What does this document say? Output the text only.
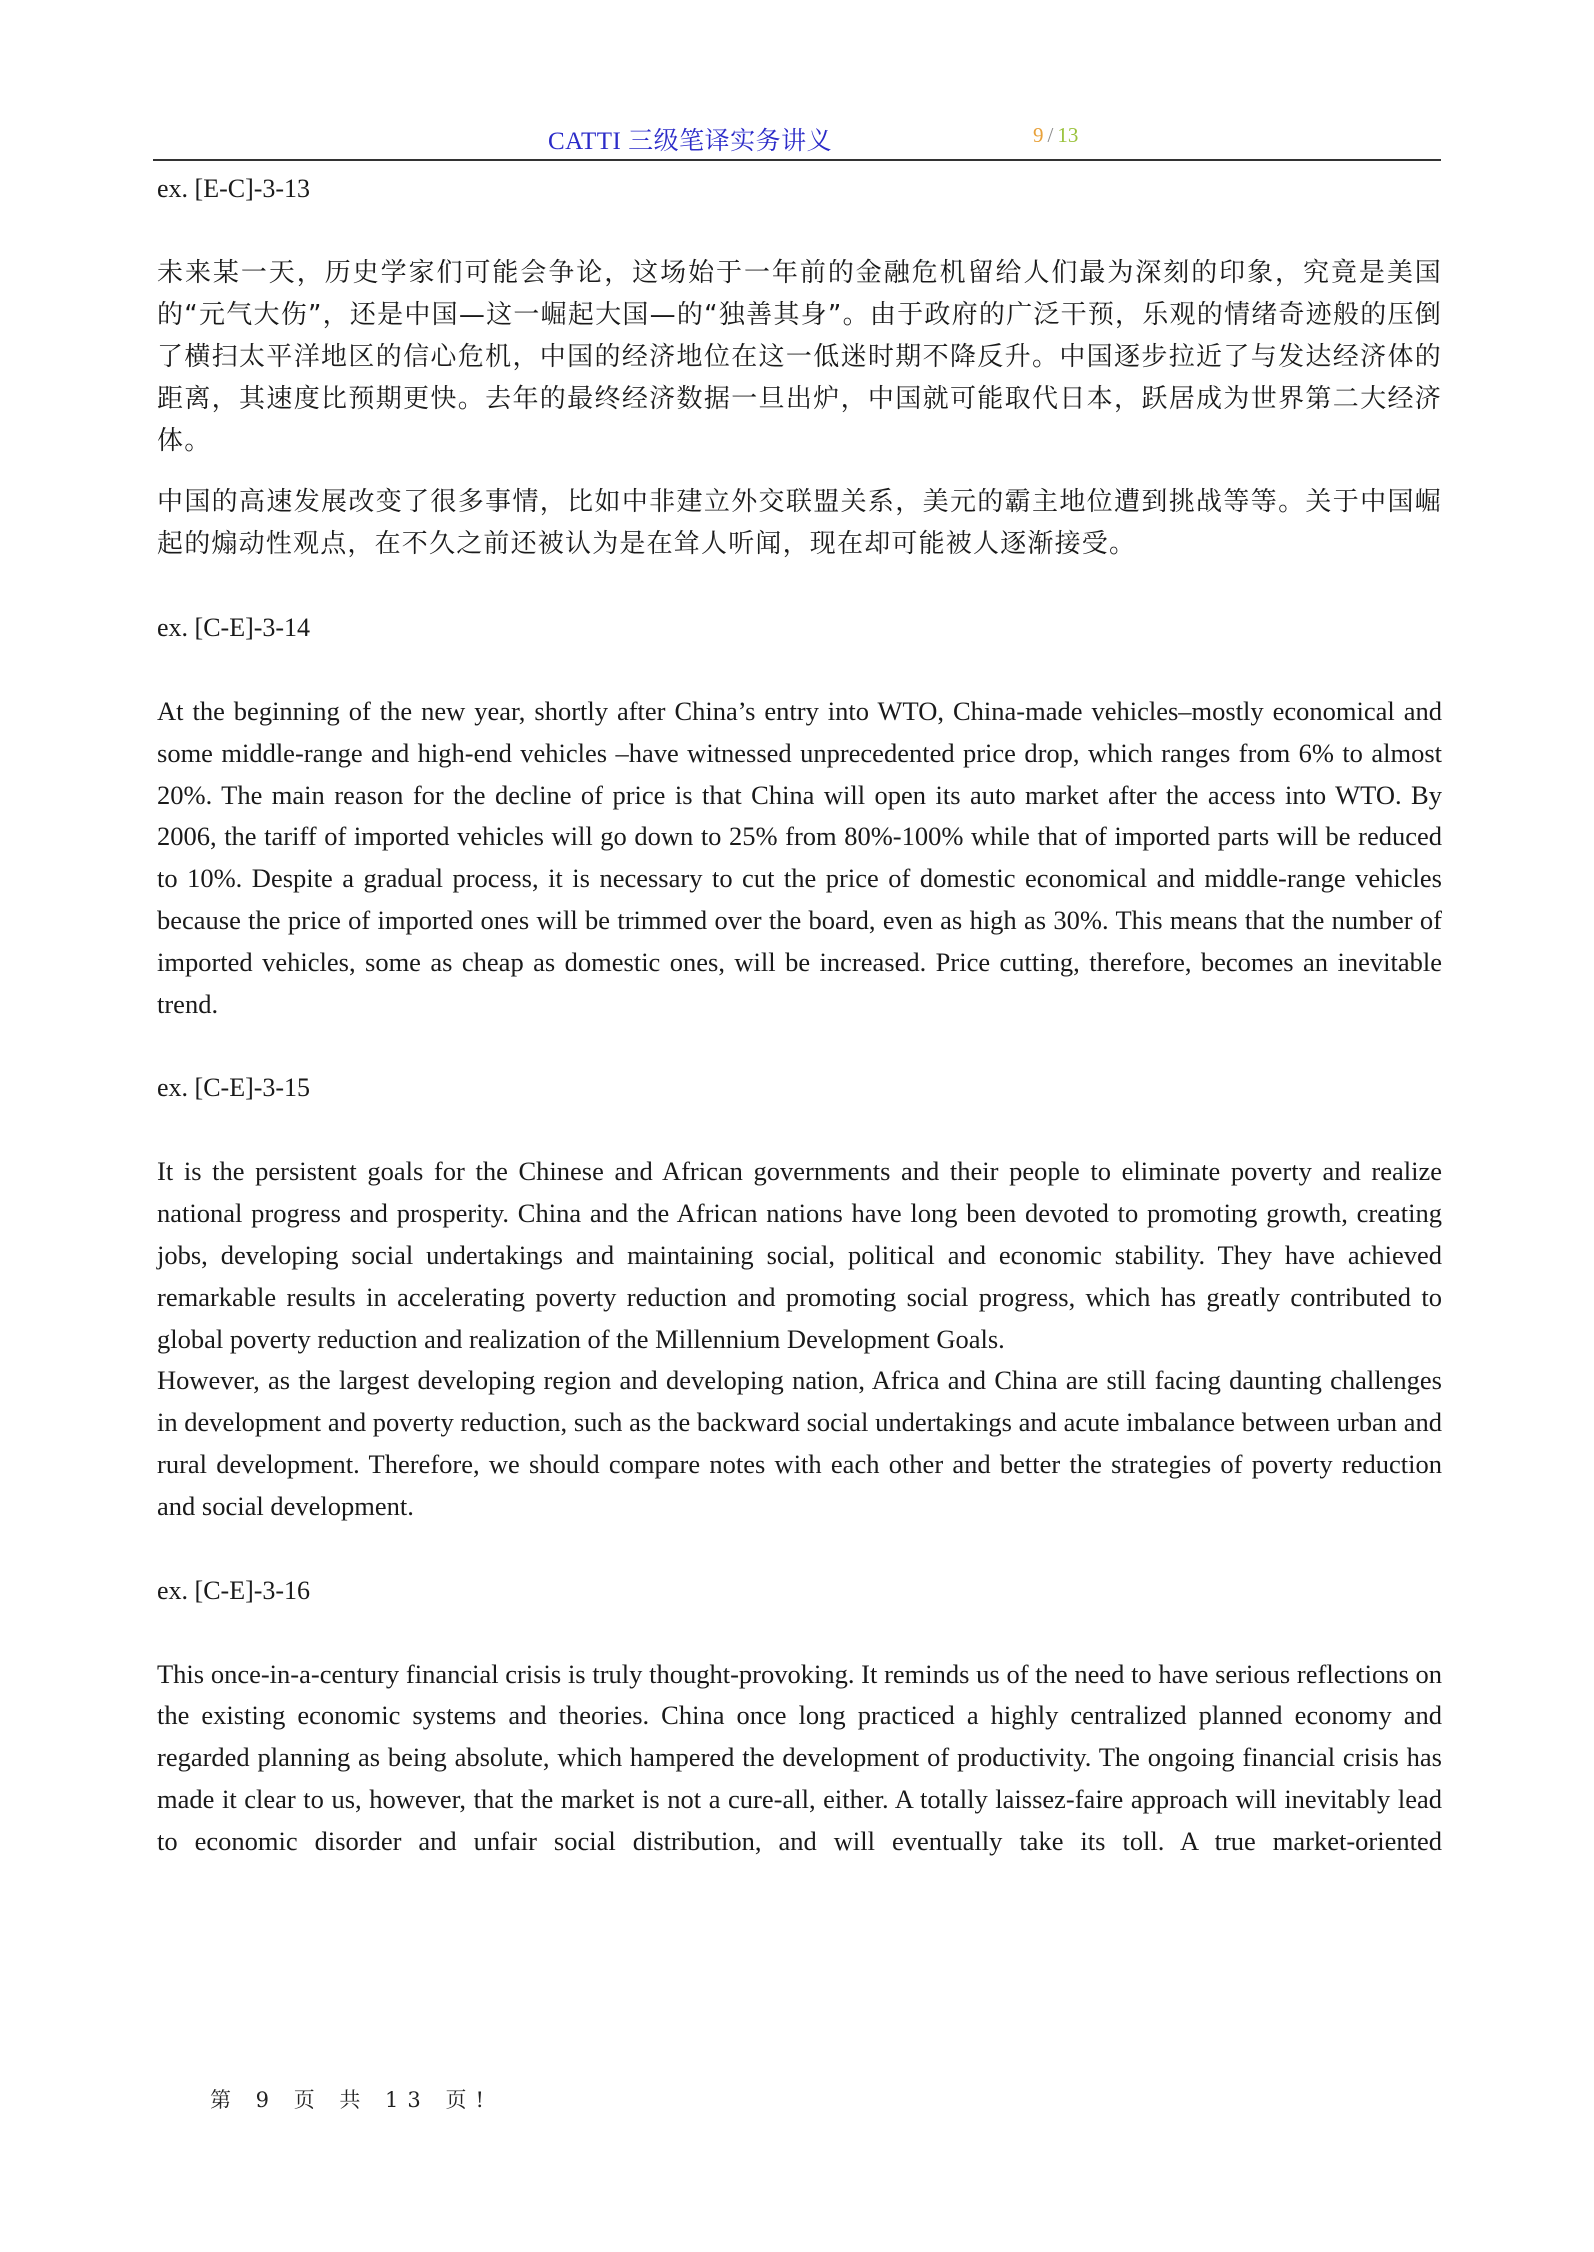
CATTI 三级笔译实务讲义	9 / 13
ex. [E-C]-3-13

未来某一天，历史学家们可能会争论，这场始于一年前的金融危机留给人们最为深刻的印象，究竟是美国的“元气大伤”，还是中国—这一崛起大国—的“独善其身”。由于政府的广泛干预，乐观的情绪奇迹般的压倒了横扫太平洋地区的信心危机，中国的经济地位在这一低迷时期不降反升。中国逐步拉近了与发达经济体的距离，其速度比预期更快。去年的最终经济数据一旦出炉，中国就可能取代日本，跃居成为世界第二大经济体。

中国的高速发展改变了很多事情，比如中非建立外交联盟关系，美元的霸主地位遭到挑战等等。关于中国崛起的煽动性观点，在不久之前还被认为是在耸人听闻，现在却可能被人逐渐接受。

ex. [C-E]-3-14

At the beginning of the new year, shortly after China’s entry into WTO, China-made vehicles–mostly economical and some middle-range and high-end vehicles –have witnessed unprecedented price drop, which ranges from 6% to almost 20%. The main reason for the decline of price is that China will open its auto market after the access into WTO. By 2006, the tariff of imported vehicles will go down to 25% from 80%-100% while that of imported parts will be reduced to 10%. Despite a gradual process, it is necessary to cut the price of domestic economical and middle-range vehicles because the price of imported ones will be trimmed over the board, even as high as 30%. This means that the number of imported vehicles, some as cheap as domestic ones, will be increased. Price cutting, therefore, becomes an inevitable trend.

ex. [C-E]-3-15

It is the persistent goals for the Chinese and African governments and their people to eliminate poverty and realize national progress and prosperity. China and the African nations have long been devoted to promoting growth, creating jobs, developing social undertakings and maintaining social, political and economic stability. They have achieved remarkable results in accelerating poverty reduction and promoting social progress, which has greatly contributed to global poverty reduction and realization of the Millennium Development Goals.

However, as the largest developing region and developing nation, Africa and China are still facing daunting challenges in development and poverty reduction, such as the backward social undertakings and acute imbalance between urban and rural development. Therefore, we should compare notes with each other and better the strategies of poverty reduction and social development.

ex. [C-E]-3-16

This once-in-a-century financial crisis is truly thought-provoking. It reminds us of the need to have serious reflections on the existing economic systems and theories. China once long practiced a highly centralized planned economy and regarded planning as being absolute, which hampered the development of productivity. The ongoing financial crisis has made it clear to us, however, that the market is not a cure-all, either. A totally laissez-faire approach will inevitably lead to economic disorder and unfair social distribution, and will eventually take its toll. A true market-oriented

第 9 页 共 13 页!
